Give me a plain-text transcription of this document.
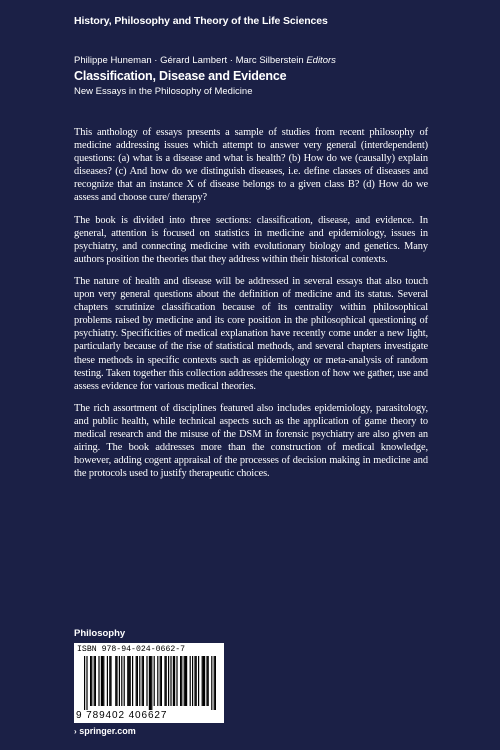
History, Philosophy and Theory of the Life Sciences
Philippe Huneman · Gérard Lambert · Marc Silberstein Editors
Classification, Disease and Evidence
New Essays in the Philosophy of Medicine

This anthology of essays presents a sample of studies from recent philosophy of medicine addressing issues which attempt to answer very general (interdependent) questions: (a) what is a disease and what is health? (b) How do we (causally) explain diseases? (c) And how do we distinguish diseases, i.e. define classes of diseases and recognize that an instance X of disease belongs to a given class B? (d) How do we assess and choose cure/ therapy?

The book is divided into three sections: classification, disease, and evidence. In general, attention is focused on statistics in medicine and epidemiology, issues in psychiatry, and connecting medicine with evolutionary biology and genetics. Many authors position the theories that they address within their historical contexts.

The nature of health and disease will be addressed in several essays that also touch upon very general questions about the definition of medicine and its status. Several chapters scrutinize classification because of its centrality within philosophical problems raised by medicine and its core position in the philosophical questioning of psychiatry. Specificities of medical explanation have recently come under a new light, particularly because of the rise of statistical methods, and several chapters investigate these methods in specific contexts such as epidemiology or meta-analysis of random testing. Taken together this collection addresses the question of how we gather, use and assess evidence for various medical theories.

The rich assortment of disciplines featured also includes epidemiology, parasitology, and public health, while technical aspects such as the application of game theory to medical research and the misuse of the DSM in forensic psychiatry are also given an airing. The book addresses more than the construction of medical knowledge, however, adding cogent appraisal of the processes of decision making in medicine and the protocols used to justify therapeutic choices.

Philosophy
ISBN 978-94-024-0662-7
9 789402 406627
› springer.com
